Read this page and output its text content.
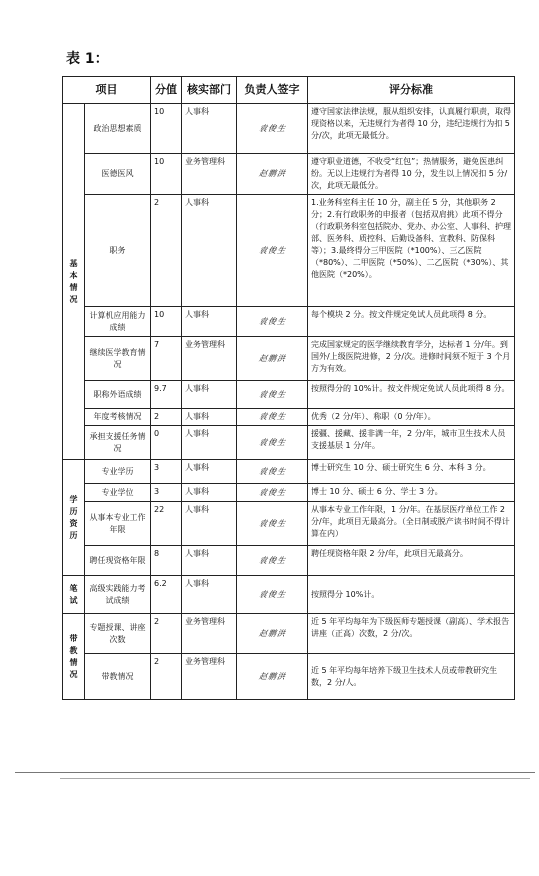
表 1：
项目		分值	核实部门	负责人签字	评分标准
基本情况	政治思想素质	10	人事科	袁俊生	遵守国家法律法规，服从组织安排，认真履行职责，取得现资格以来，无违规行为者得 10 分，违纪违规行为扣 5 分/次，此项无最低分。
	医德医风	10	业务管理科	赵鹏洪	遵守职业道德，不收受“红包”；热情服务，避免医患纠纷。无以上违规行为者得 10 分，发生以上情况扣 5 分/次，此项无最低分。
	职务	2	人事科	袁俊生	1.业务科室科主任 10 分，副主任 5 分，其他职务 2 分；2.有行政职务的申报者（包括双肩挑）此项不得分（行政职务科室包括院办、党办、办公室、人事科、护理部、医务科、质控科、后勤设备科、宣教科、防保科等）；3.最终得分三甲医院（*100%）、三乙医院（*80%）、二甲医院（*50%）、二乙医院（*30%）、其他医院（*20%）。
	计算机应用能力成绩	10	人事科	袁俊生	每个模块 2 分。按文件规定免试人员此项得 8 分。
	继续医学教育情况	7	业务管理科	赵鹏洪	完成国家规定的医学继续教育学分，达标者 1 分/年。到国外/上级医院进修，2 分/次。进修时间须不短于 3 个月方为有效。
	职称外语成绩	9.7	人事科	袁俊生	按照得分的 10%计。按文件规定免试人员此项得 8 分。
	年度考核情况	2	人事科	袁俊生	优秀（2 分/年）、称职（0 分/年）。
	承担支援任务情况	0	人事科	袁俊生	援疆、援藏、援非满一年，2 分/年，城市卫生技术人员支援基层 1 分/年。
学历资历	专业学历	3	人事科	袁俊生	博士研究生 10 分、硕士研究生 6 分、本科 3 分。
	专业学位	3	人事科	袁俊生	博士 10 分、硕士 6 分、学士 3 分。
	从事本专业工作年限	22	人事科	袁俊生	从事本专业工作年限，1 分/年。在基层医疗单位工作 2 分/年，此项目无最高分。（全日制或脱产读书时间不得计算在内）
	聘任现资格年限	8	人事科	袁俊生	聘任现资格年限 2 分/年，此项目无最高分。
笔试	高级实践能力考试成绩	6.2	人事科	袁俊生	按照得分 10%计。
带教情况	专题授课、讲座次数	2	业务管理科	赵鹏洪	近 5 年平均每年为下级医师专题授课（副高）、学术报告讲座（正高）次数，2 分/次。
	带教情况	2	业务管理科	赵鹏洪	近 5 年平均每年培养下级卫生技术人员或带教研究生数，2 分/人。
